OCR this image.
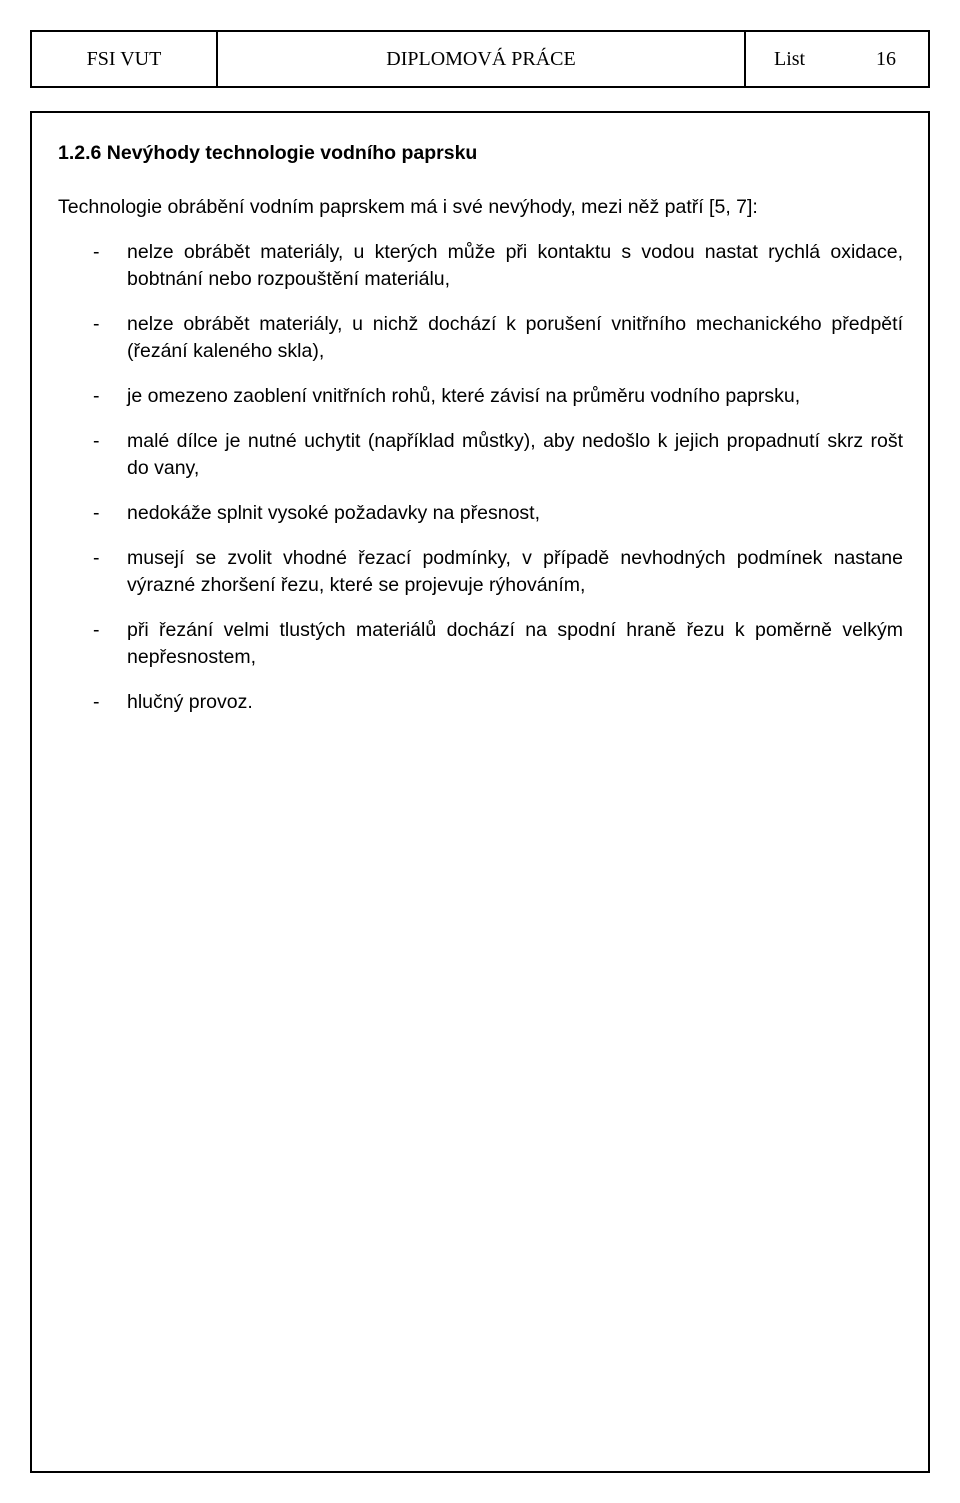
FSI VUT	DIPLOMOVÁ PRÁCE	List	16
1.2.6 Nevýhody technologie vodního paprsku
Technologie obrábění vodním paprskem má i své nevýhody, mezi něž patří [5, 7]:
- nelze obrábět materiály, u kterých může při kontaktu s vodou nastat rychlá oxidace, bobtnání nebo rozpouštění materiálu,
- nelze obrábět materiály, u nichž dochází k porušení vnitřního mechanického předpětí (řezání kaleného skla),
- je omezeno zaoblení vnitřních rohů, které závisí na průměru vodního paprsku,
- malé dílce je nutné uchytit (například můstky), aby nedošlo k jejich propadnutí skrz rošt do vany,
- nedokáže splnit vysoké požadavky na přesnost,
- musejí se zvolit vhodné řezací podmínky, v případě nevhodných podmínek nastane výrazné zhoršení řezu, které se projevuje rýhováním,
- při řezání velmi tlustých materiálů dochází na spodní hraně řezu k poměrně velkým nepřesnostem,
- hlučný provoz.
